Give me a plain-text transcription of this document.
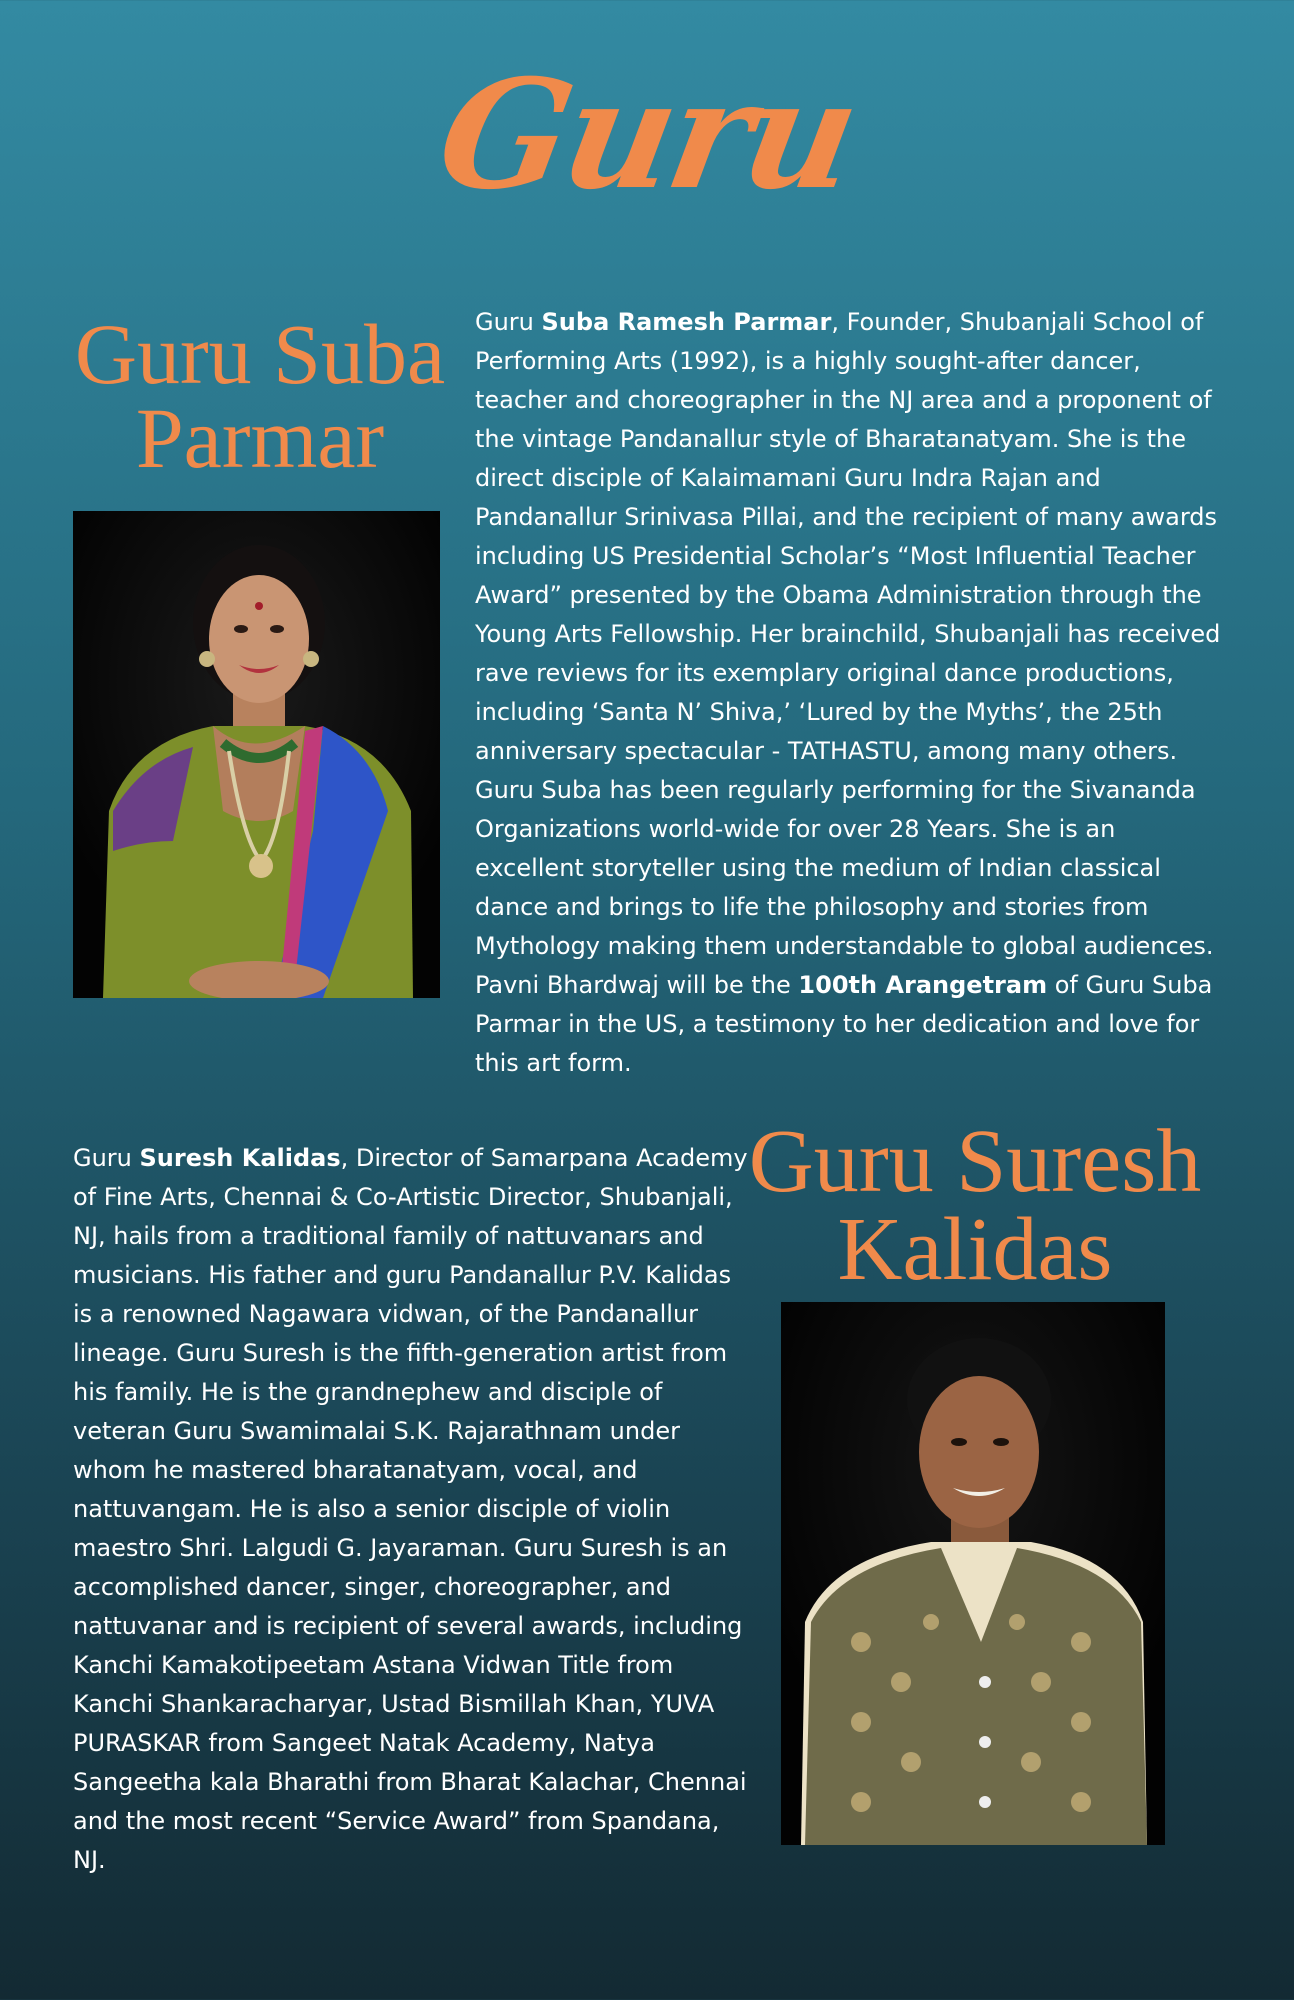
Guru
Guru Suba
Parmar
Guru Suba Ramesh Parmar, Founder, Shubanjali School of Performing Arts (1992), is a highly sought-after dancer, teacher and choreographer in the NJ area and a proponent of the vintage Pandanallur style of Bharatanatyam. She is the direct disciple of Kalaimamani Guru Indra Rajan and Pandanallur Srinivasa Pillai, and the recipient of many awards including US Presidential Scholar’s “Most Influential Teacher Award” presented by the Obama Administration through the Young Arts Fellowship. Her brainchild, Shubanjali has received rave reviews for its exemplary original dance productions, including ‘Santa N’ Shiva,’ ‘Lured by the Myths’, the 25th anniversary spectacular - TATHASTU, among many others. Guru Suba has been regularly performing for the Sivananda Organizations world-wide for over 28 Years. She is an excellent storyteller using the medium of Indian classical dance and brings to life the philosophy and stories from Mythology making them understandable to global audiences. Pavni Bhardwaj will be the 100th Arangetram of Guru Suba Parmar in the US, a testimony to her dedication and love for this art form.
Guru Suresh Kalidas, Director of Samarpana Academy of Fine Arts, Chennai & Co-Artistic Director, Shubanjali, NJ, hails from a traditional family of nattuvanars and musicians. His father and guru Pandanallur P.V. Kalidas is a renowned Nagawara vidwan, of the Pandanallur lineage. Guru Suresh is the fifth-generation artist from his family. He is the grandnephew and disciple of veteran Guru Swamimalai S.K. Rajarathnam under whom he mastered bharatanatyam, vocal, and nattuvangam. He is also a senior disciple of violin maestro Shri. Lalgudi G. Jayaraman. Guru Suresh is an accomplished dancer, singer, choreographer, and nattuvanar and is recipient of several awards, including Kanchi Kamakotipeetam Astana Vidwan Title from Kanchi Shankaracharyar, Ustad Bismillah Khan, YUVA PURASKAR from Sangeet Natak Academy, Natya Sangeetha kala Bharathi from Bharat Kalachar, Chennai and the most recent “Service Award” from Spandana, NJ.
Guru Suresh
Kalidas
